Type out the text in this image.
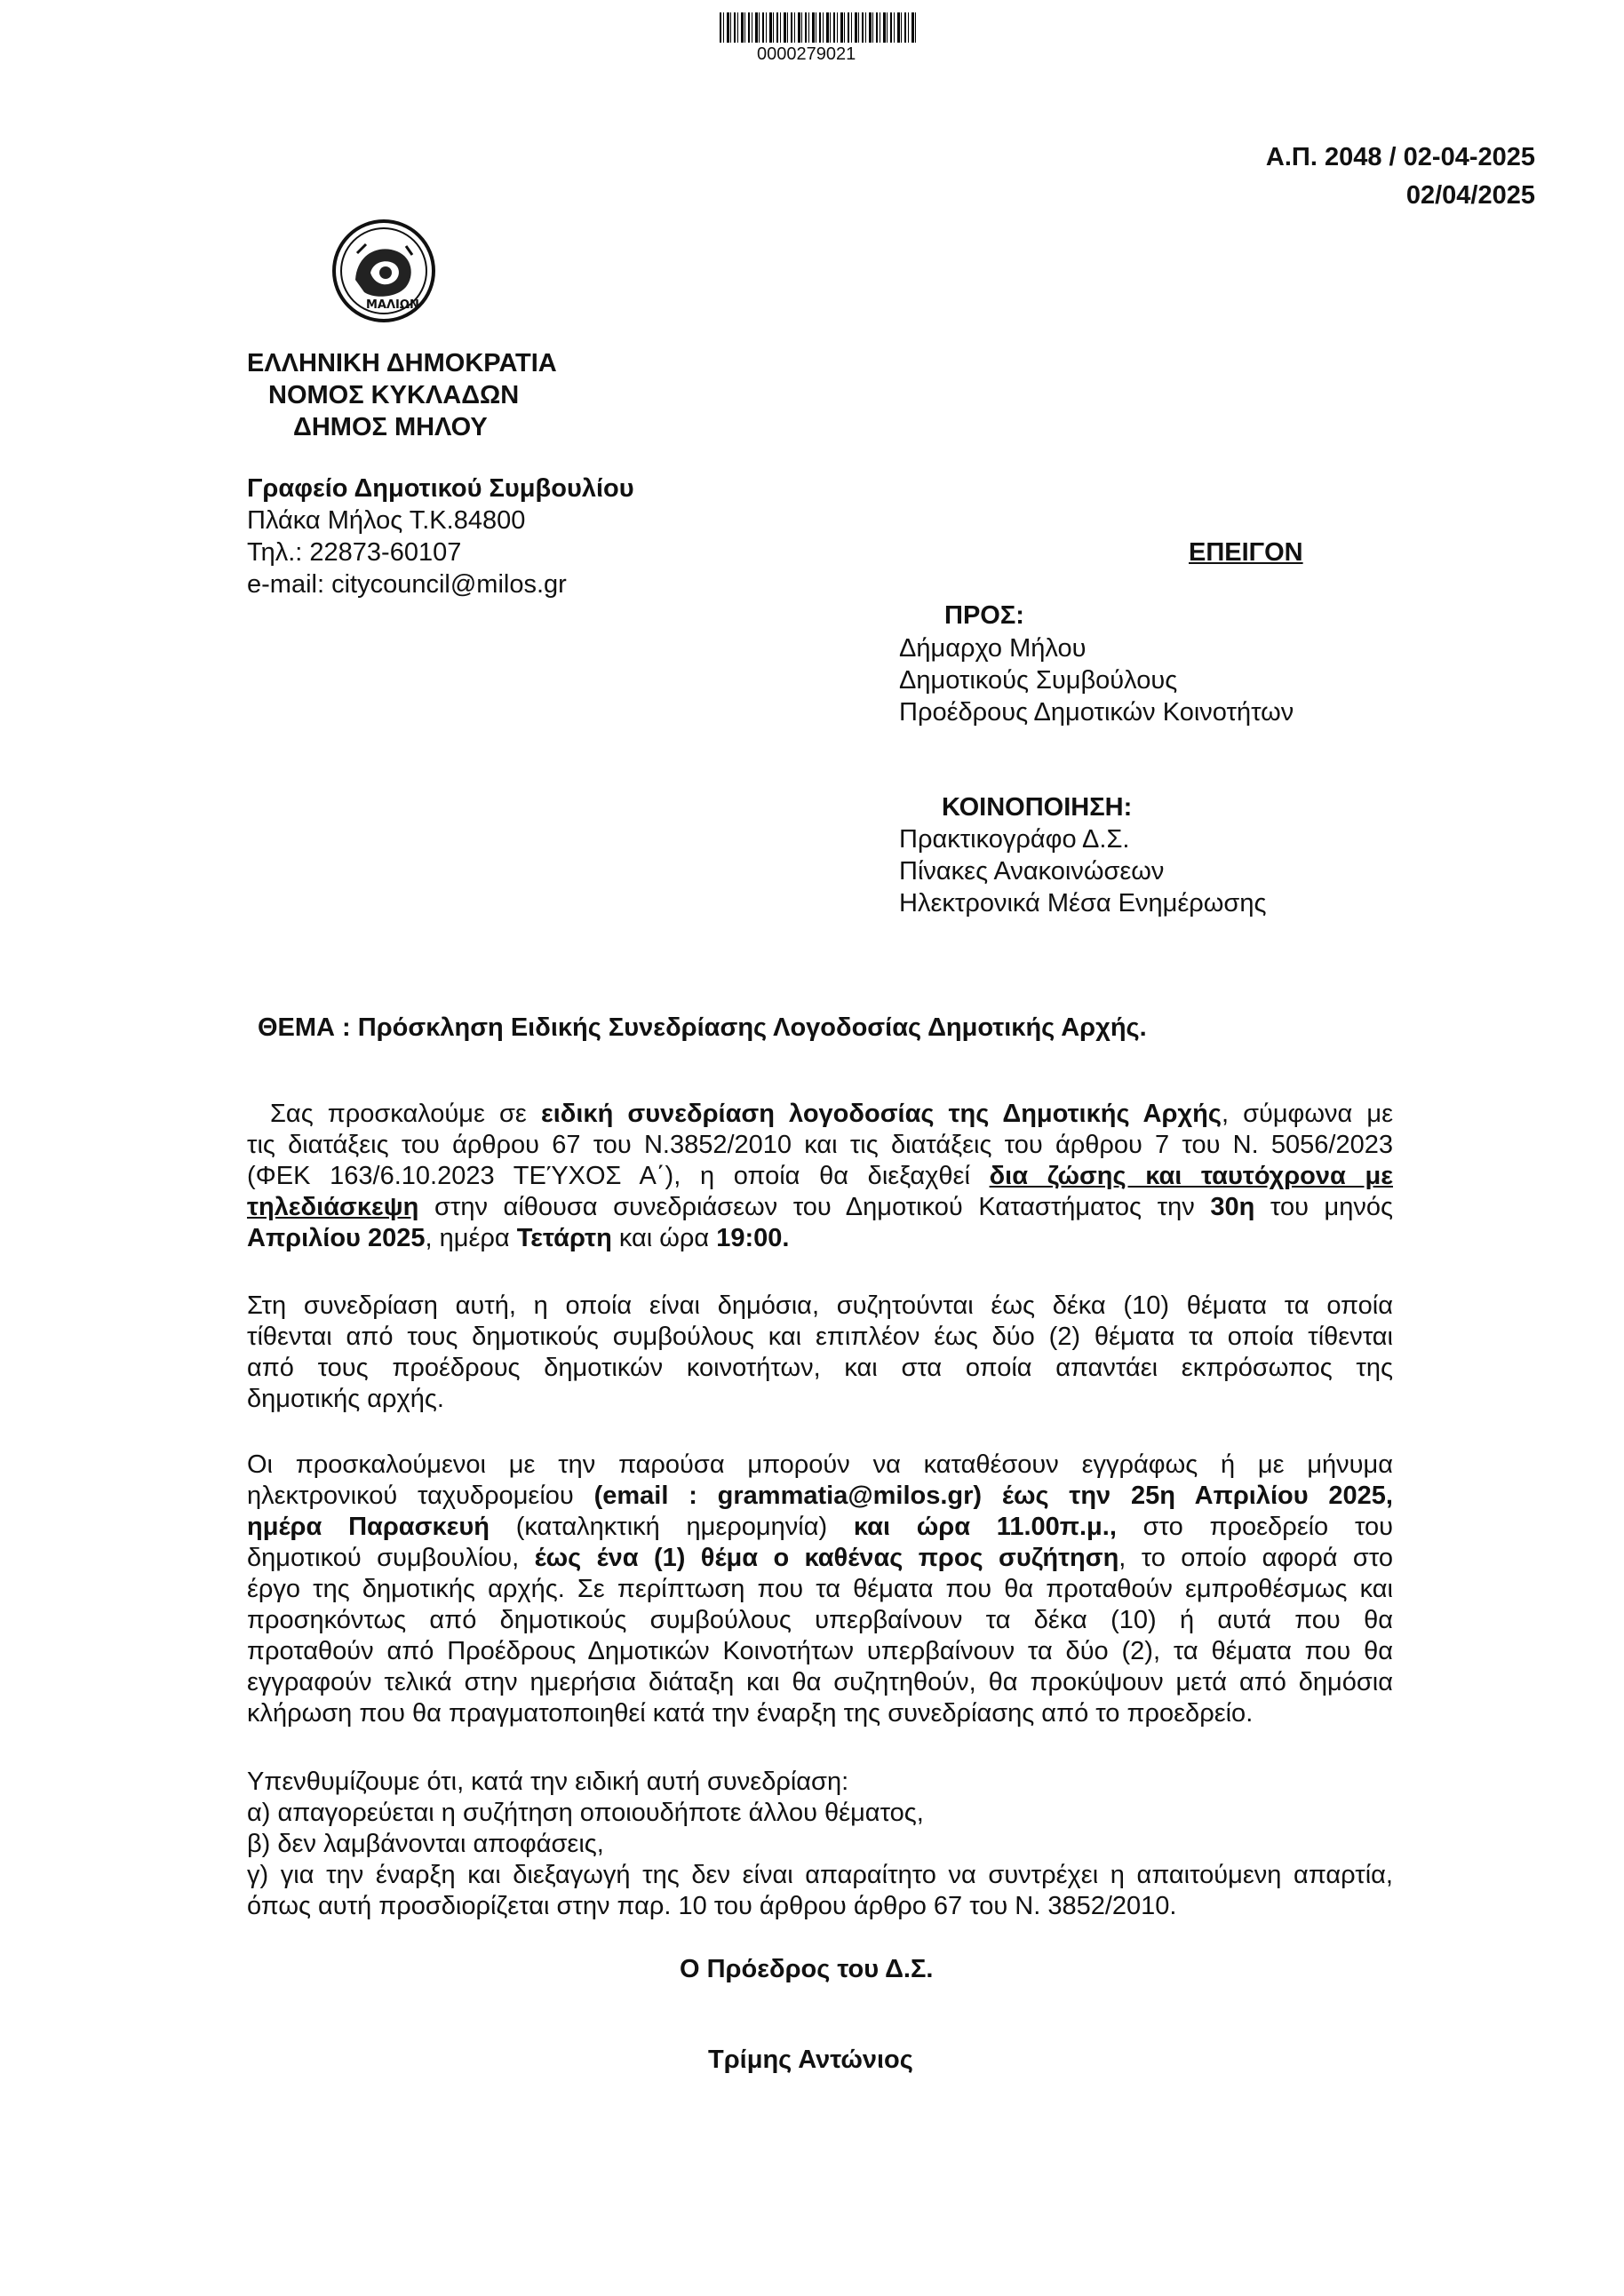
0000279021
Α.Π. 2048 / 02-04-2025
02/04/2025
ΜΑΛΙΩΝ
ΕΛΛΗΝΙΚΗ ΔΗΜΟΚΡΑΤΙΑ
ΝΟΜΟΣ ΚΥΚΛΑΔΩΝ
ΔΗΜΟΣ ΜΗΛΟΥ
Γραφείο Δημοτικού Συμβουλίου
Πλάκα Μήλος Τ.Κ.84800
Τηλ.: 22873-60107
e-mail: citycouncil@milos.gr
ΕΠΕΙΓΟΝ
ΠΡΟΣ:
Δήμαρχο Μήλου
Δημοτικούς Συμβούλους
Προέδρους Δημοτικών Κοινοτήτων
ΚΟΙΝΟΠΟΙΗΣΗ:
Πρακτικογράφο Δ.Σ.
Πίνακες Ανακοινώσεων
Ηλεκτρονικά Μέσα Ενημέρωσης
ΘΕΜΑ : Πρόσκληση Ειδικής Συνεδρίασης Λογοδοσίας Δημοτικής Αρχής.
Σας προσκαλούμε σε ειδική συνεδρίαση λογοδοσίας της Δημοτικής Αρχής, σύμφωνα με
τις διατάξεις του άρθρου 67 του Ν.3852/2010 και τις διατάξεις του άρθρου 7 του Ν. 5056/2023
(ΦΕΚ 163/6.10.2023 ΤΕΎΧΟΣ Α΄), η οποία θα διεξαχθεί δια ζώσης και ταυτόχρονα με
τηλεδιάσκεψη στην αίθουσα συνεδριάσεων του Δημοτικού Καταστήματος την 30η του μηνός
Απριλίου 2025, ημέρα Τετάρτη και ώρα 19:00.
Στη συνεδρίαση αυτή, η οποία είναι δημόσια, συζητούνται έως δέκα (10) θέματα τα οποία
τίθενται από τους δημοτικούς συμβούλους και επιπλέον έως δύο (2) θέματα τα οποία τίθενται
από τους προέδρους δημοτικών κοινοτήτων, και στα οποία απαντάει εκπρόσωπος της
δημοτικής αρχής.
Οι προσκαλούμενοι με την παρούσα μπορούν να καταθέσουν εγγράφως ή με μήνυμα
ηλεκτρονικού ταχυδρομείου (email : grammatia@milos.gr) έως την 25η Απριλίου 2025,
ημέρα Παρασκευή (καταληκτική ημερομηνία) και ώρα 11.00π.μ., στο προεδρείο του
δημοτικού συμβουλίου, έως ένα (1) θέμα ο καθένας προς συζήτηση, το οποίο αφορά στο
έργο της δημοτικής αρχής. Σε περίπτωση που τα θέματα που θα προταθούν εμπροθέσμως και
προσηκόντως από δημοτικούς συμβούλους υπερβαίνουν τα δέκα (10) ή αυτά που θα
προταθούν από Προέδρους Δημοτικών Κοινοτήτων υπερβαίνουν τα δύο (2), τα θέματα που θα
εγγραφούν τελικά στην ημερήσια διάταξη και θα συζητηθούν, θα προκύψουν μετά από δημόσια
κλήρωση που θα πραγματοποιηθεί κατά την έναρξη της συνεδρίασης από το προεδρείο.
Υπενθυμίζουμε ότι, κατά την ειδική αυτή συνεδρίαση:
α) απαγορεύεται η συζήτηση οποιουδήποτε άλλου θέματος,
β) δεν λαμβάνονται αποφάσεις,
γ) για την έναρξη και διεξαγωγή της δεν είναι απαραίτητο να συντρέχει η απαιτούμενη απαρτία,
όπως αυτή προσδιορίζεται στην παρ. 10 του άρθρου άρθρο 67 του Ν. 3852/2010.
Ο Πρόεδρος του Δ.Σ.
Τρίμης Αντώνιος
